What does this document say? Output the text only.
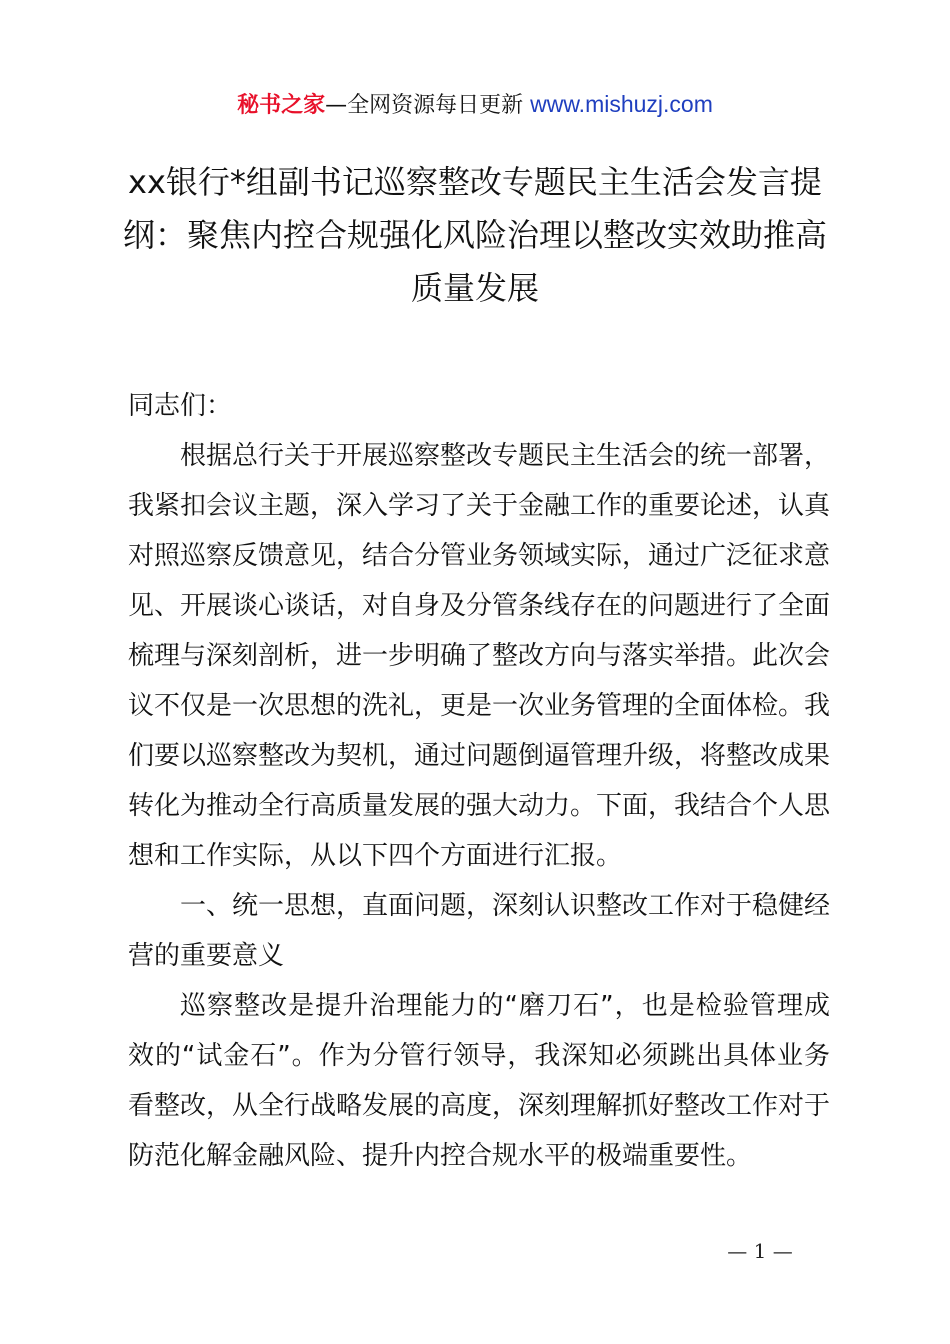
秘书之家—全网资源每日更新 www.mishuzj.com
xx银行*组副书记巡察整改专题民主生活会发言提纲：聚焦内控合规强化风险治理以整改实效助推高质量发展

同志们：

根据总行关于开展巡察整改专题民主生活会的统一部署，我紧扣会议主题，深入学习了关于金融工作的重要论述，认真对照巡察反馈意见，结合分管业务领域实际，通过广泛征求意见、开展谈心谈话，对自身及分管条线存在的问题进行了全面梳理与深刻剖析，进一步明确了整改方向与落实举措。此次会议不仅是一次思想的洗礼，更是一次业务管理的全面体检。我们要以巡察整改为契机，通过问题倒逼管理升级，将整改成果转化为推动全行高质量发展的强大动力。下面，我结合个人思想和工作实际，从以下四个方面进行汇报。

一、统一思想，直面问题，深刻认识整改工作对于稳健经营的重要意义

巡察整改是提升治理能力的“磨刀石”，也是检验管理成效的“试金石”。作为分管行领导，我深知必须跳出具体业务看整改，从全行战略发展的高度，深刻理解抓好整改工作对于防范化解金融风险、提升内控合规水平的极端重要性。

— 1 —
